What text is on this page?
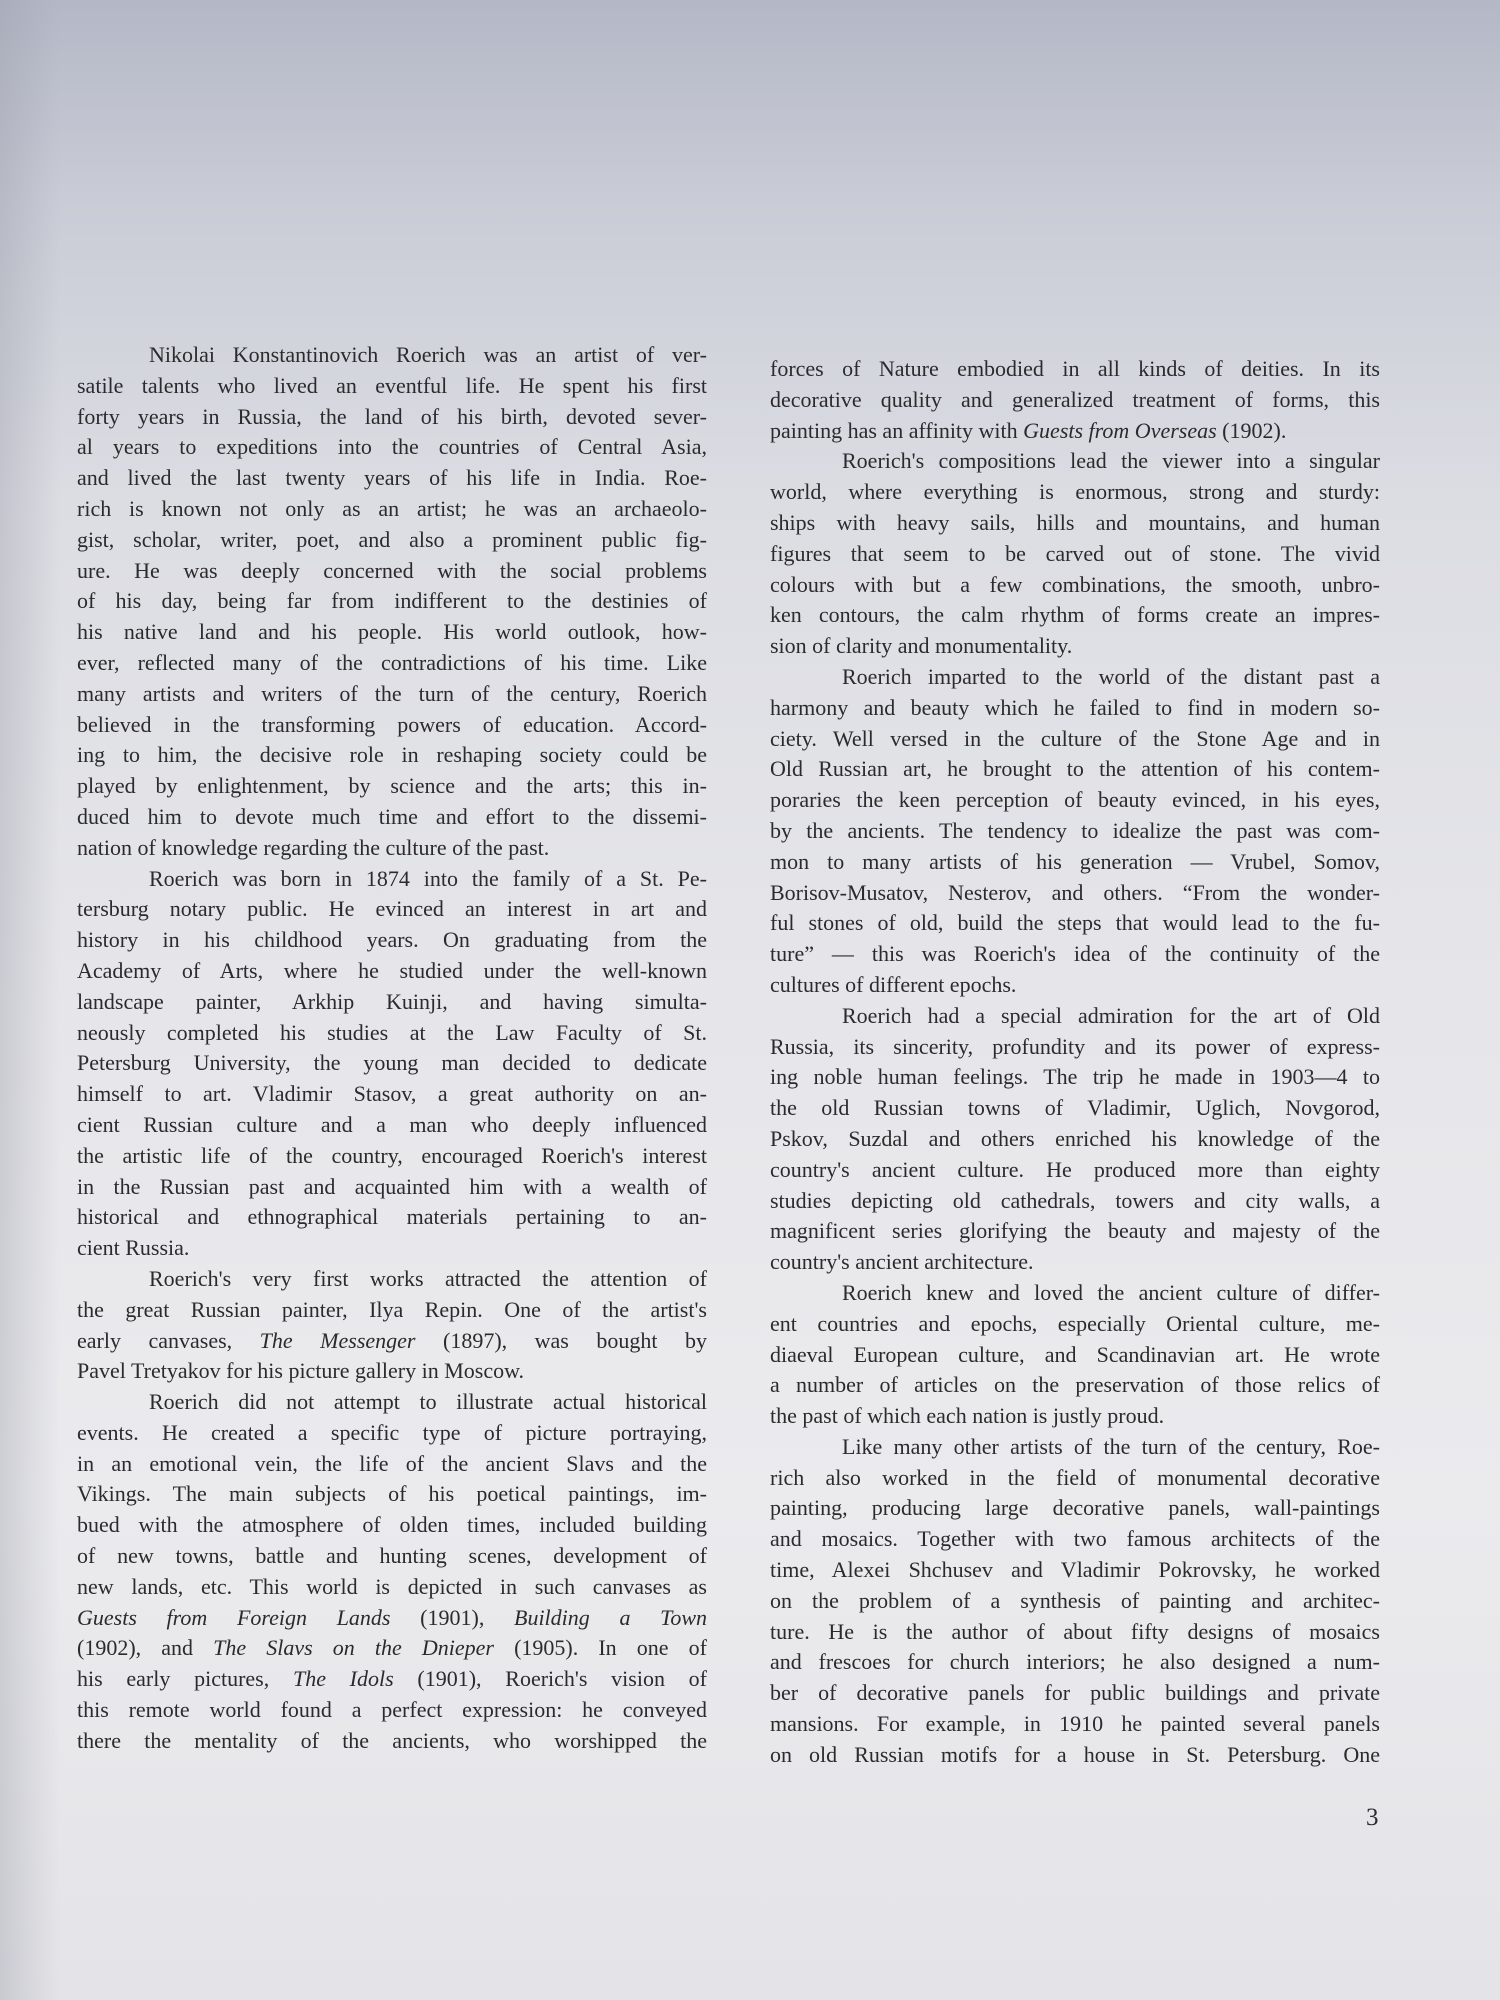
Nikolai Konstantinovich Roerich was an artist of ver-
satile talents who lived an eventful life. He spent his first
forty years in Russia, the land of his birth, devoted sever-
al years to expeditions into the countries of Central Asia,
and lived the last twenty years of his life in India. Roe-
rich is known not only as an artist; he was an archaeolo-
gist, scholar, writer, poet, and also a prominent public fig-
ure. He was deeply concerned with the social problems
of his day, being far from indifferent to the destinies of
his native land and his people. His world outlook, how-
ever, reflected many of the contradictions of his time. Like
many artists and writers of the turn of the century, Roerich
believed in the transforming powers of education. Accord-
ing to him, the decisive role in reshaping society could be
played by enlightenment, by science and the arts; this in-
duced him to devote much time and effort to the dissemi-
nation of knowledge regarding the culture of the past.
Roerich was born in 1874 into the family of a St. Pe-
tersburg notary public. He evinced an interest in art and
history in his childhood years. On graduating from the
Academy of Arts, where he studied under the well-known
landscape painter, Arkhip Kuinji, and having simulta-
neously completed his studies at the Law Faculty of St.
Petersburg University, the young man decided to dedicate
himself to art. Vladimir Stasov, a great authority on an-
cient Russian culture and a man who deeply influenced
the artistic life of the country, encouraged Roerich's interest
in the Russian past and acquainted him with a wealth of
historical and ethnographical materials pertaining to an-
cient Russia.
Roerich's very first works attracted the attention of
the great Russian painter, Ilya Repin. One of the artist's
early canvases, The Messenger (1897), was bought by
Pavel Tretyakov for his picture gallery in Moscow.
Roerich did not attempt to illustrate actual historical
events. He created a specific type of picture portraying,
in an emotional vein, the life of the ancient Slavs and the
Vikings. The main subjects of his poetical paintings, im-
bued with the atmosphere of olden times, included building
of new towns, battle and hunting scenes, development of
new lands, etc. This world is depicted in such canvases as
Guests from Foreign Lands (1901), Building a Town
(1902), and The Slavs on the Dnieper (1905). In one of
his early pictures, The Idols (1901), Roerich's vision of
this remote world found a perfect expression: he conveyed
there the mentality of the ancients, who worshipped the
forces of Nature embodied in all kinds of deities. In its
decorative quality and generalized treatment of forms, this
painting has an affinity with Guests from Overseas (1902).
Roerich's compositions lead the viewer into a singular
world, where everything is enormous, strong and sturdy:
ships with heavy sails, hills and mountains, and human
figures that seem to be carved out of stone. The vivid
colours with but a few combinations, the smooth, unbro-
ken contours, the calm rhythm of forms create an impres-
sion of clarity and monumentality.
Roerich imparted to the world of the distant past a
harmony and beauty which he failed to find in modern so-
ciety. Well versed in the culture of the Stone Age and in
Old Russian art, he brought to the attention of his contem-
poraries the keen perception of beauty evinced, in his eyes,
by the ancients. The tendency to idealize the past was com-
mon to many artists of his generation — Vrubel, Somov,
Borisov-Musatov, Nesterov, and others. “From the wonder-
ful stones of old, build the steps that would lead to the fu-
ture” — this was Roerich's idea of the continuity of the
cultures of different epochs.
Roerich had a special admiration for the art of Old
Russia, its sincerity, profundity and its power of express-
ing noble human feelings. The trip he made in 1903—4 to
the old Russian towns of Vladimir, Uglich, Novgorod,
Pskov, Suzdal and others enriched his knowledge of the
country's ancient culture. He produced more than eighty
studies depicting old cathedrals, towers and city walls, a
magnificent series glorifying the beauty and majesty of the
country's ancient architecture.
Roerich knew and loved the ancient culture of differ-
ent countries and epochs, especially Oriental culture, me-
diaeval European culture, and Scandinavian art. He wrote
a number of articles on the preservation of those relics of
the past of which each nation is justly proud.
Like many other artists of the turn of the century, Roe-
rich also worked in the field of monumental decorative
painting, producing large decorative panels, wall-paintings
and mosaics. Together with two famous architects of the
time, Alexei Shchusev and Vladimir Pokrovsky, he worked
on the problem of a synthesis of painting and architec-
ture. He is the author of about fifty designs of mosaics
and frescoes for church interiors; he also designed a num-
ber of decorative panels for public buildings and private
mansions. For example, in 1910 he painted several panels
on old Russian motifs for a house in St. Petersburg. One
3
